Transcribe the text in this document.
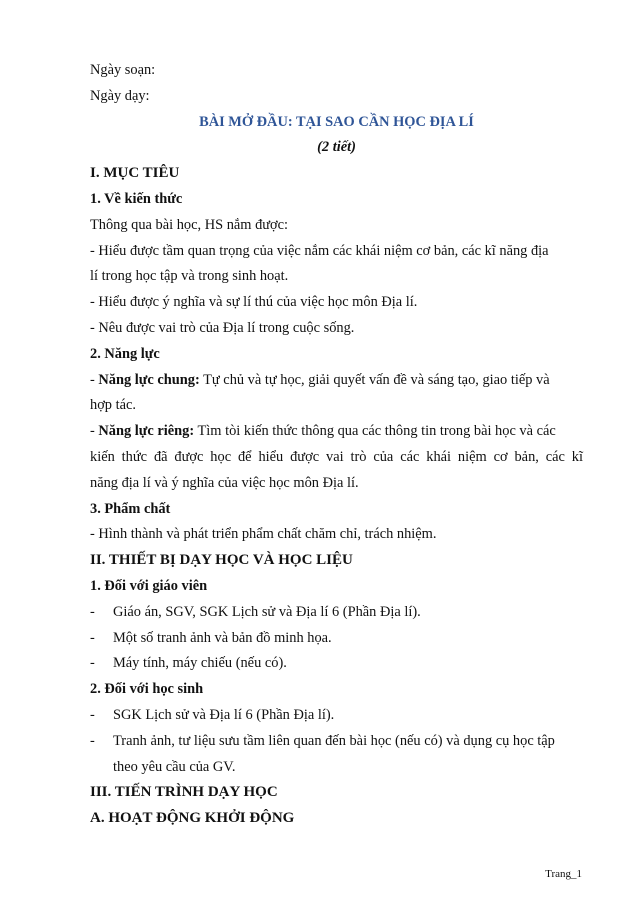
Ngày soạn:
Ngày dạy:
BÀI MỞ ĐẦU: TẠI SAO CẦN HỌC ĐỊA LÍ
(2 tiết)
I. MỤC TIÊU
1. Về kiến thức
Thông qua bài học, HS nắm được:
- Hiểu được tầm quan trọng của việc nắm các khái niệm cơ bản, các kĩ năng địa
lí trong học tập và trong sinh hoạt.
- Hiểu được ý nghĩa và sự lí thú của việc học môn Địa lí.
- Nêu được vai trò của Địa lí trong cuộc sống.
2. Năng lực
- Năng lực chung: Tự chủ và tự học, giải quyết vấn đề và sáng tạo, giao tiếp và
hợp tác.
- Năng lực riêng: Tìm tòi kiến thức thông qua các thông tin trong bài học và các
kiến thức đã được học để hiểu được vai trò của các khái niệm cơ bản, các kĩ
năng địa lí và ý nghĩa của việc học môn Địa lí.
3. Phẩm chất
- Hình thành và phát triển phẩm chất chăm chỉ, trách nhiệm.
II. THIẾT BỊ DẠY HỌC VÀ HỌC LIỆU
1. Đối với giáo viên
-	Giáo án, SGV, SGK Lịch sử và Địa lí 6 (Phần Địa lí).
-	Một số tranh ảnh và bản đồ minh họa.
-	Máy tính, máy chiếu (nếu có).
2. Đối với học sinh
-	SGK Lịch sử và Địa lí 6 (Phần Địa lí).
-	Tranh ảnh, tư liệu sưu tầm liên quan đến bài học (nếu có) và dụng cụ học tập
theo yêu cầu của GV.
III. TIẾN TRÌNH DẠY HỌC
A. HOẠT ĐỘNG KHỞI ĐỘNG
Trang_1
